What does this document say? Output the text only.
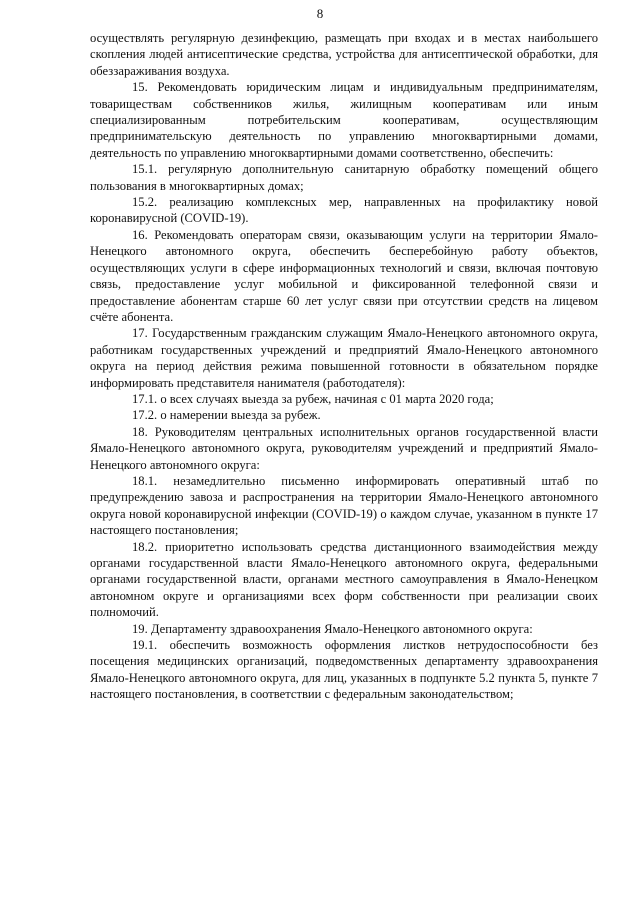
8

осуществлять регулярную дезинфекцию, размещать при входах и в местах наибольшего скопления людей антисептические средства, устройства для антисептической обработки, для обеззараживания воздуха.

15. Рекомендовать юридическим лицам и индивидуальным предпринимателям, товариществам собственников жилья, жилищным кооперативам или иным специализированным потребительским кооперативам, осуществляющим предпринимательскую деятельность по управлению многоквартирными домами, деятельность по управлению многоквартирными домами соответственно, обеспечить:

15.1. регулярную дополнительную санитарную обработку помещений общего пользования в многоквартирных домах;

15.2. реализацию комплексных мер, направленных на профилактику новой коронавирусной (COVID-19).

16. Рекомендовать операторам связи, оказывающим услуги на территории Ямало-Ненецкого автономного округа, обеспечить бесперебойную работу объектов, осуществляющих услуги в сфере информационных технологий и связи, включая почтовую связь, предоставление услуг мобильной и фиксированной телефонной связи и предоставление абонентам старше 60 лет услуг связи при отсутствии средств на лицевом счёте абонента.

17. Государственным гражданским служащим Ямало-Ненецкого автономного округа, работникам государственных учреждений и предприятий Ямало-Ненецкого автономного округа на период действия режима повышенной готовности в обязательном порядке информировать представителя нанимателя (работодателя):

17.1. о всех случаях выезда за рубеж, начиная с 01 марта 2020 года;

17.2. о намерении выезда за рубеж.

18. Руководителям центральных исполнительных органов государственной власти Ямало-Ненецкого автономного округа, руководителям учреждений и предприятий Ямало-Ненецкого автономного округа:

18.1. незамедлительно письменно информировать оперативный штаб по предупреждению завоза и распространения на территории Ямало-Ненецкого автономного округа новой коронавирусной инфекции (COVID-19) о каждом случае, указанном в пункте 17 настоящего постановления;

18.2. приоритетно использовать средства дистанционного взаимодействия между органами государственной власти Ямало-Ненецкого автономного округа, федеральными органами государственной власти, органами местного самоуправления в Ямало-Ненецком автономном округе и организациями всех форм собственности при реализации своих полномочий.

19. Департаменту здравоохранения Ямало-Ненецкого автономного округа:

19.1. обеспечить возможность оформления листков нетрудоспособности без посещения медицинских организаций, подведомственных департаменту здравоохранения Ямало-Ненецкого автономного округа, для лиц, указанных в подпункте 5.2 пункта 5, пункте 7 настоящего постановления, в соответствии с федеральным законодательством;
